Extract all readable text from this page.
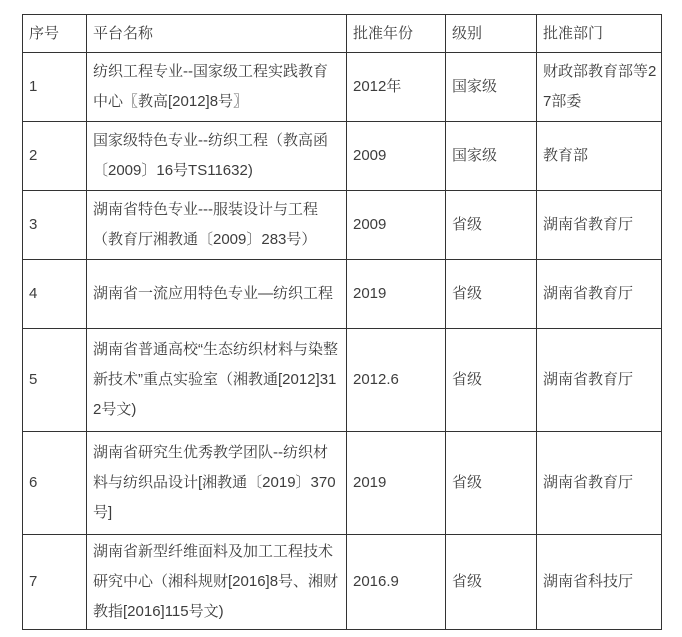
序号	平台名称	批准年份	级别	批准部门
1	纺织工程专业--国家级工程实践教育中心〖教高[2012]8号〗	2012年	国家级	财政部教育部等27部委
2	国家级特色专业--纺织工程（教高函〔2009〕16号TS11632)	2009	国家级	教育部
3	湖南省特色专业---服装设计与工程（教育厅湘教通〔2009〕283号）	2009	省级	湖南省教育厅
4	湖南省一流应用特色专业—纺织工程	2019	省级	湖南省教育厅
5	湖南省普通高校“生态纺织材料与染整新技术”重点实验室（湘教通[2012]312号文)	2012.6	省级	湖南省教育厅
6	湖南省研究生优秀教学团队--纺织材料与纺织品设计[湘教通〔2019〕370 号]	2019	省级	湖南省教育厅
7	湖南省新型纤维面料及加工工程技术研究中心（湘科规财[2016]8号、湘财教指[2016]115号文)	2016.9	省级	湖南省科技厅
